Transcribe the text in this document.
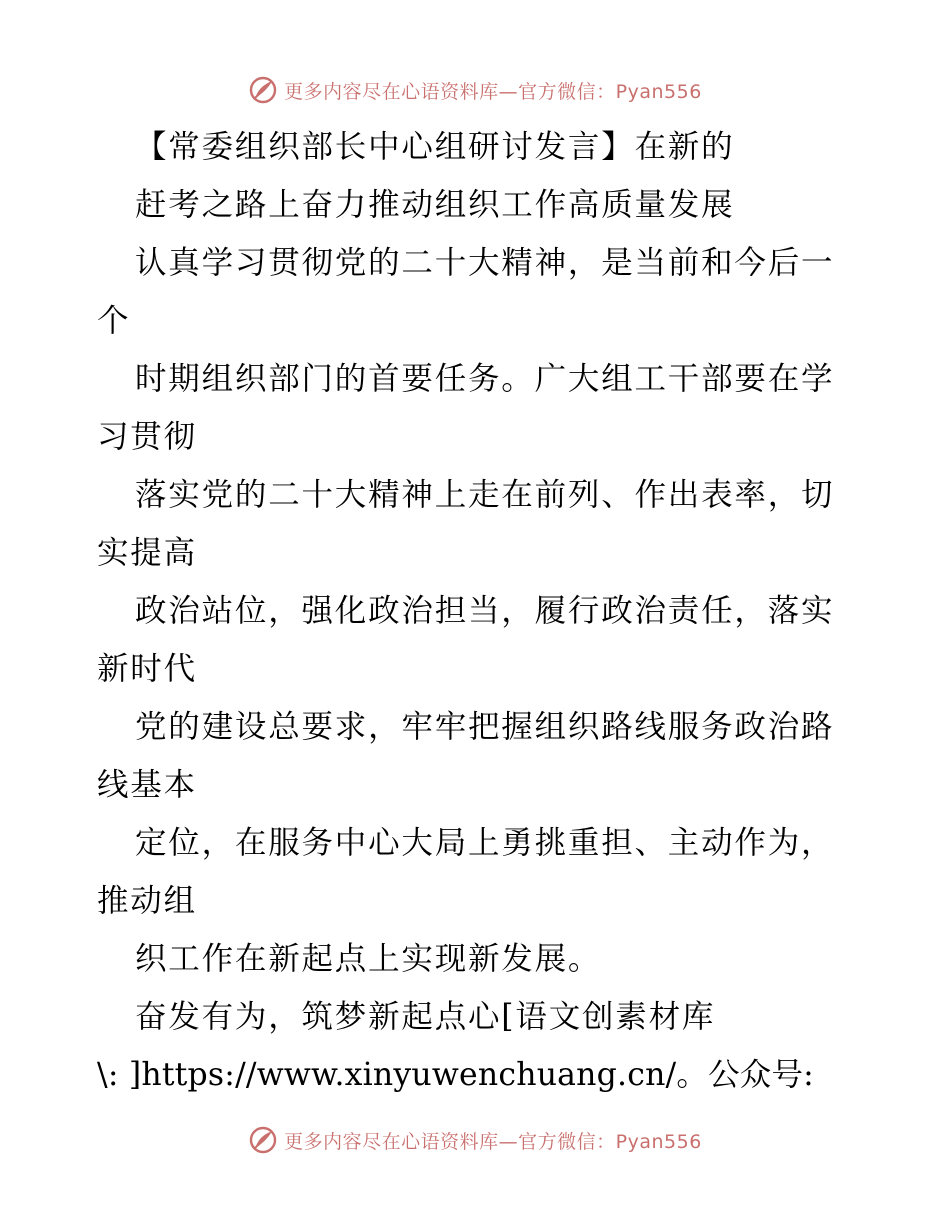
更多内容尽在心语资料库—官方微信：Pyan556
【常委组织部长中心组研讨发言】在新的
赶考之路上奋力推动组织工作高质量发展
认真学习贯彻党的二十大精神，是当前和今后一
个
时期组织部门的首要任务。广大组工干部要在学
习贯彻
落实党的二十大精神上走在前列、作出表率，切
实提高
政治站位，强化政治担当，履行政治责任，落实
新时代
党的建设总要求，牢牢把握组织路线服务政治路
线基本
定位，在服务中心大局上勇挑重担、主动作为，
推动组
织工作在新起点上实现新发展。
奋发有为，筑梦新起点心[语文创素材库
\: ]https://www.xinyuwenchuang.cn/。公众号:
更多内容尽在心语资料库—官方微信：Pyan556
